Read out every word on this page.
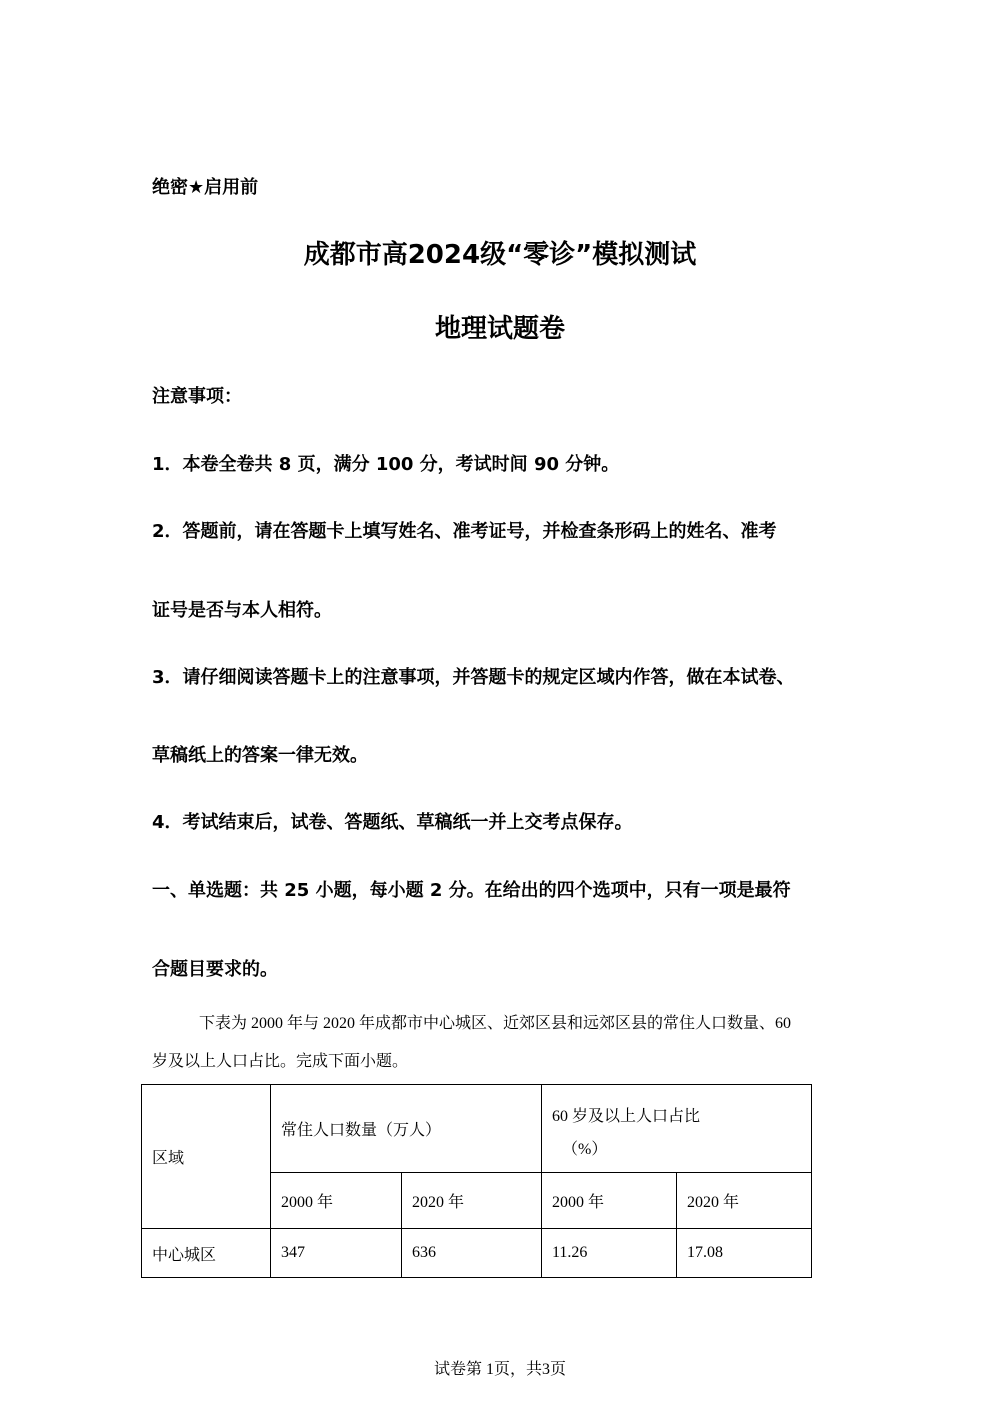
绝密★启用前
成都市高2024级“零诊”模拟测试
地理试题卷
注意事项：
1．本卷全卷共 8 页，满分 100 分，考试时间 90 分钟。
2．答题前，请在答题卡上填写姓名、准考证号，并检查条形码上的姓名、准考
证号是否与本人相符。
3．请仔细阅读答题卡上的注意事项，并答题卡的规定区域内作答，做在本试卷、
草稿纸上的答案一律无效。
4．考试结束后，试卷、答题纸、草稿纸一并上交考点保存。
一、单选题：共 25 小题，每小题 2 分。在给出的四个选项中，只有一项是最符
合题目要求的。
下表为 2000 年与 2020 年成都市中心城区、近郊区县和远郊区县的常住人口数量、60
岁及以上人口占比。完成下面小题。
区域	常住人口数量（万人）		60 岁及以上人口占比
（%）	

	2000 年	2020 年	2000 年	2020 年
中心城区	347	636	11.26	17.08
试卷第 1页，共3页
